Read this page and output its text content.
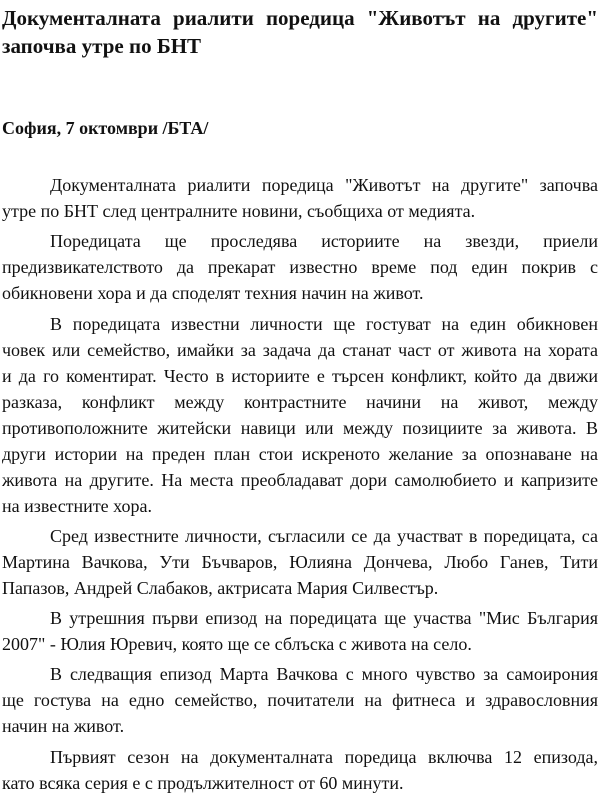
Документалната риалити поредица "Животът на другите"
започва утре по БНТ
София, 7 октомври /БТА/
Документалната риалити поредица "Животът на другите" започва
утре по БНТ след централните новини, съобщиха от медията.
Поредицата ще проследява историите на звезди, приели
предизвикателството да прекарат известно време под един покрив с
обикновени хора и да споделят техния начин на живот.
В поредицата известни личности ще гостуват на един обикновен
човек или семейство, имайки за задача да станат част от живота на хората
и да го коментират. Често в историите е търсен конфликт, който да движи
разказа, конфликт между контрастните начини на живот, между
противоположните житейски навици или между позициите за живота. В
други истории на преден план стои искреното желание за опознаване на
живота на другите. На места преобладават дори самолюбието и капризите
на известните хора.
Сред известните личности, съгласили се да участват в поредицата, са
Мартина Вачкова, Ути Бъчваров, Юлияна Дончева, Любо Ганев, Тити
Папазов, Андрей Слабаков, актрисата Мария Силвестър.
В утрешния първи епизод на поредицата ще участва "Мис България
2007" - Юлия Юревич, която ще се сблъска с живота на село.
В следващия епизод Марта Вачкова с много чувство за самоирония
ще гостува на едно семейство, почитатели на фитнеса и здравословния
начин на живот.
Първият сезон на документалната поредица включва 12 епизода,
като всяка серия е с продължителност от 60 минути.
